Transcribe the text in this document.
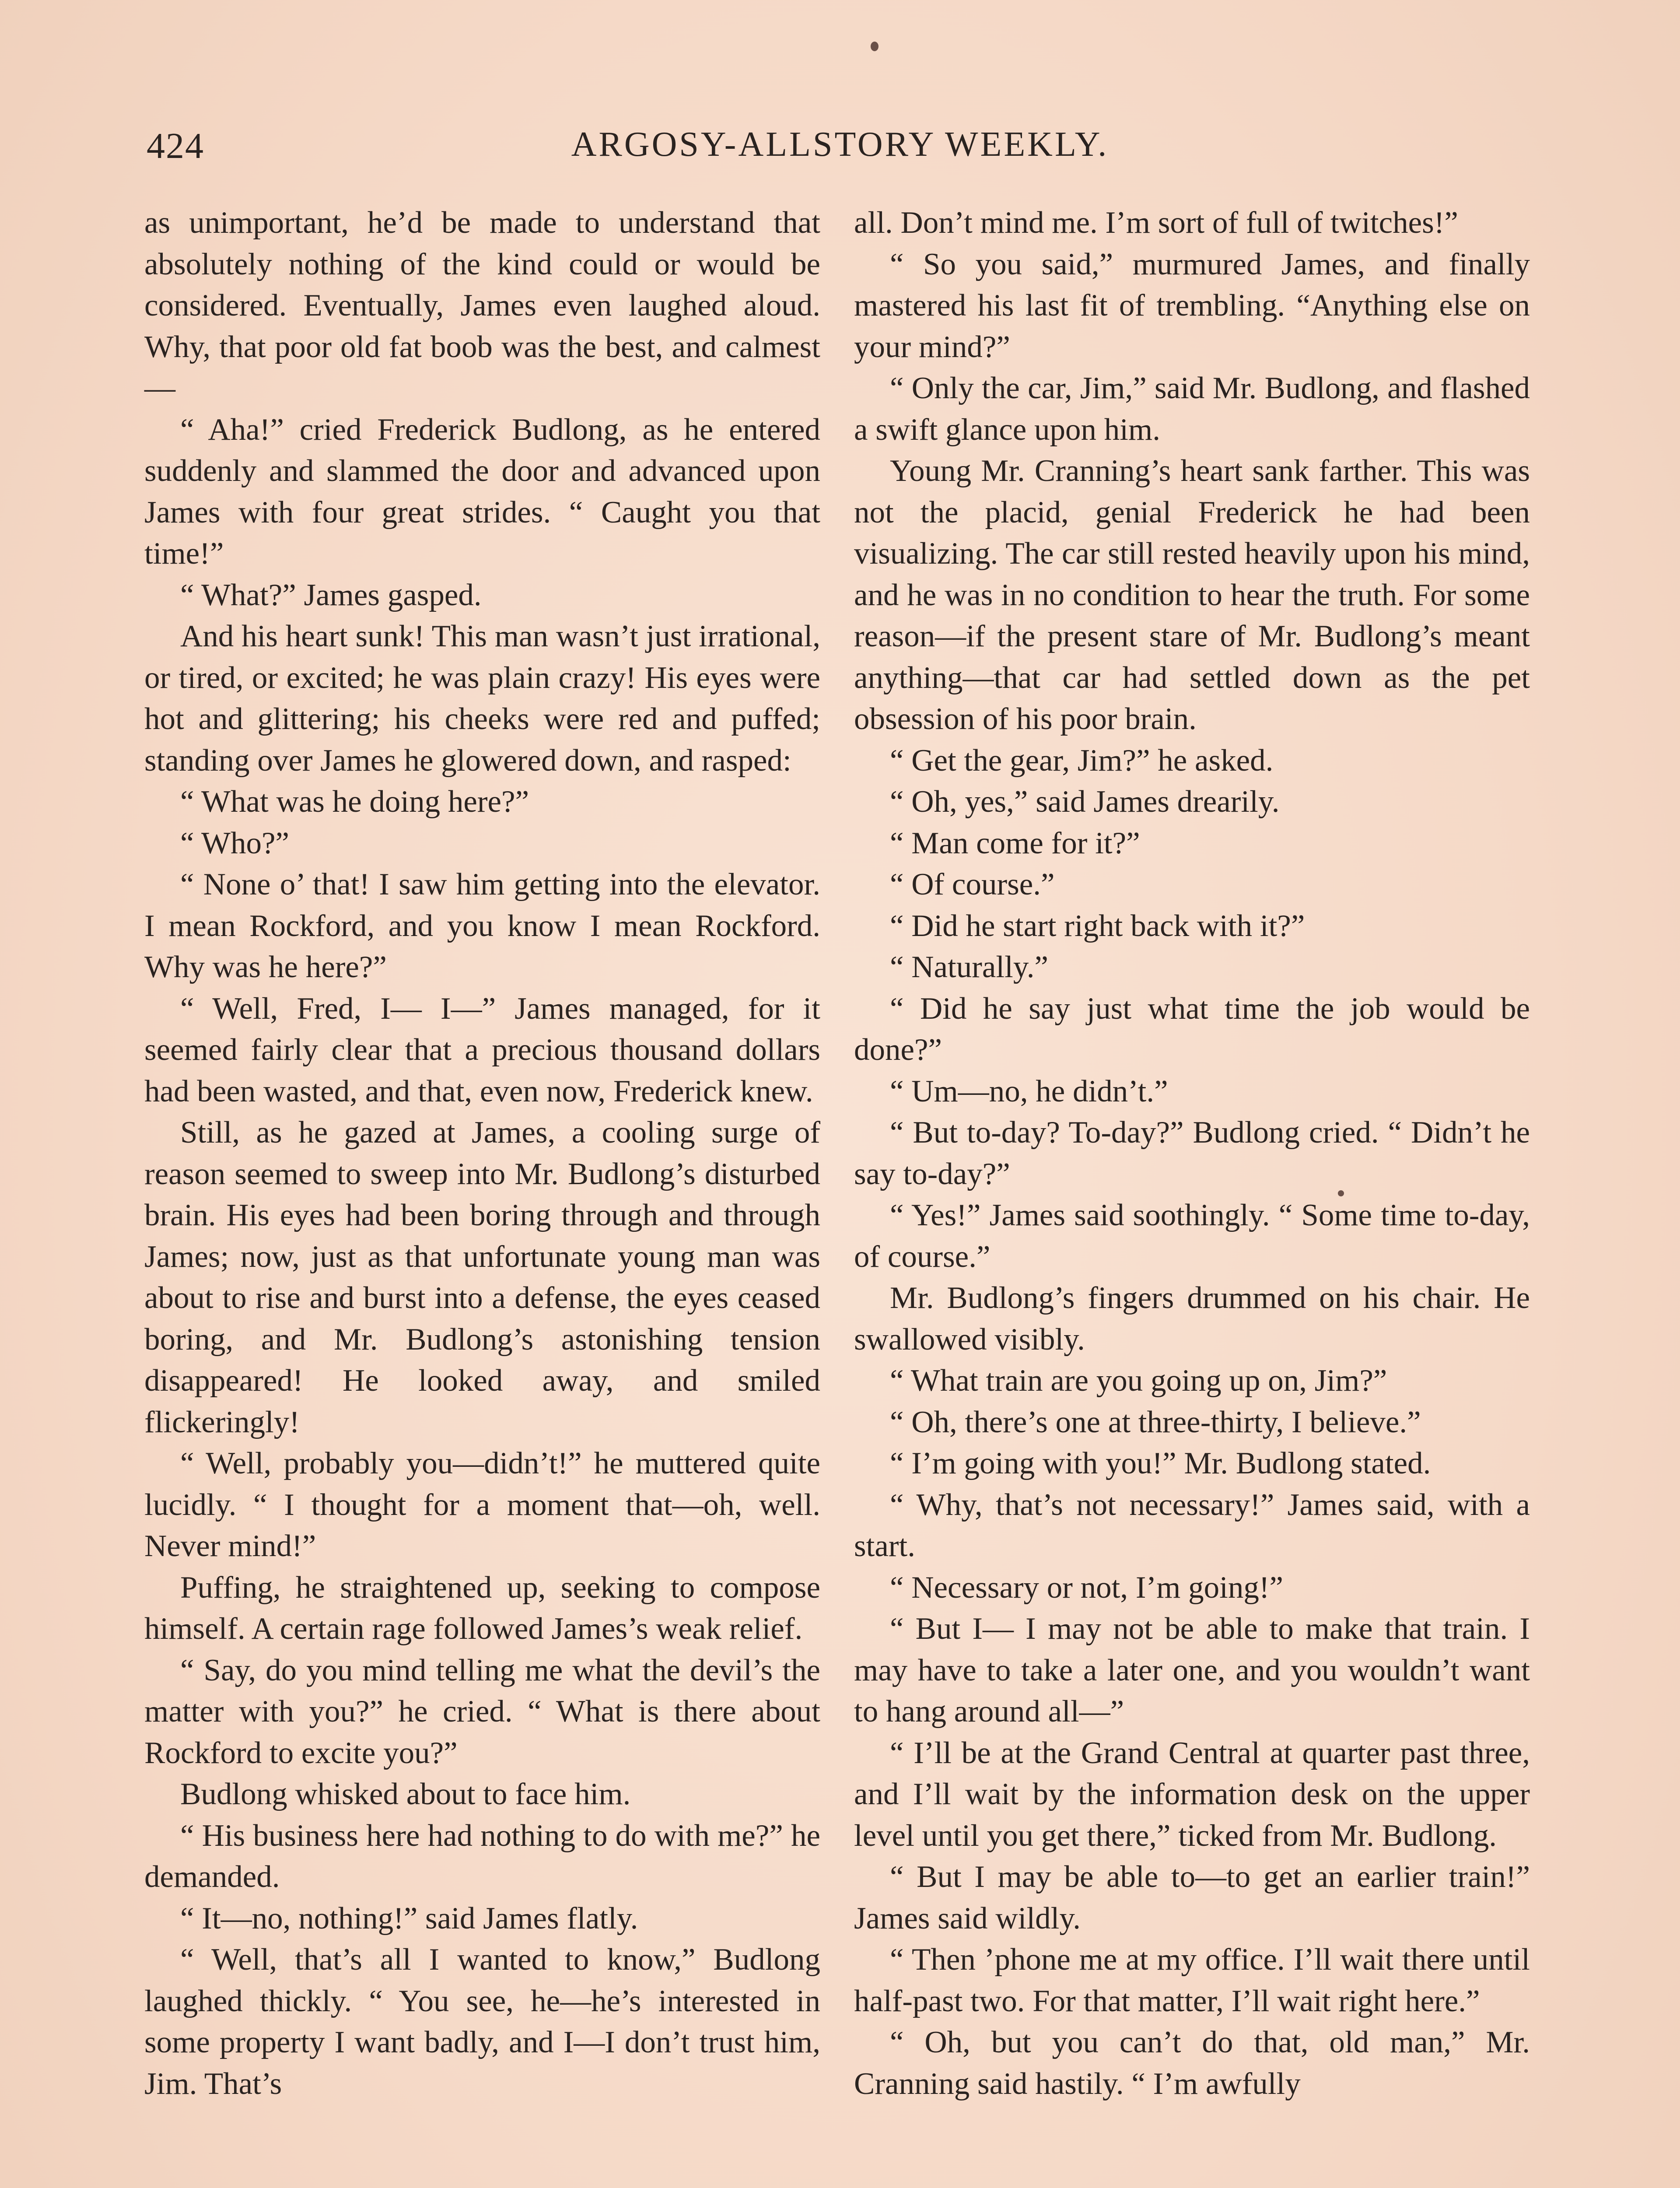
424	ARGOSY-ALLSTORY WEEKLY.

as unimportant, he’d be made to understand that absolutely nothing of the kind could or would be considered. Eventually, James even laughed aloud. Why, that poor old fat boob was the best, and calmest—

“ Aha!” cried Frederick Budlong, as he entered suddenly and slammed the door and advanced upon James with four great strides. “ Caught you that time!”

“ What?” James gasped.

And his heart sunk! This man wasn’t just irrational, or tired, or excited; he was plain crazy! His eyes were hot and glittering; his cheeks were red and puffed; standing over James he glowered down, and rasped:

“ What was he doing here?”

“ Who?”

“ None o’ that! I saw him getting into the elevator. I mean Rockford, and you know I mean Rockford. Why was he here?”

“ Well, Fred, I— I—” James managed, for it seemed fairly clear that a precious thousand dollars had been wasted, and that, even now, Frederick knew.

Still, as he gazed at James, a cooling surge of reason seemed to sweep into Mr. Budlong’s disturbed brain. His eyes had been boring through and through James; now, just as that unfortunate young man was about to rise and burst into a defense, the eyes ceased boring, and Mr. Budlong’s astonishing tension disappeared! He looked away, and smiled flickeringly!

“ Well, probably you—didn’t!” he muttered quite lucidly. “ I thought for a moment that—oh, well. Never mind!”

Puffing, he straightened up, seeking to compose himself. A certain rage followed James’s weak relief.

“ Say, do you mind telling me what the devil’s the matter with you?” he cried. “ What is there about Rockford to excite you?”

Budlong whisked about to face him.

“ His business here had nothing to do with me?” he demanded.

“ It—no, nothing!” said James flatly.

“ Well, that’s all I wanted to know,” Budlong laughed thickly. “ You see, he—he’s interested in some property I want badly, and I—I don’t trust him, Jim. That’s

all. Don’t mind me. I’m sort of full of twitches!”

“ So you said,” murmured James, and finally mastered his last fit of trembling. “Anything else on your mind?”

“ Only the car, Jim,” said Mr. Budlong, and flashed a swift glance upon him.

Young Mr. Cranning’s heart sank farther. This was not the placid, genial Frederick he had been visualizing. The car still rested heavily upon his mind, and he was in no condition to hear the truth. For some reason—if the present stare of Mr. Budlong’s meant anything—that car had settled down as the pet obsession of his poor brain.

“ Get the gear, Jim?” he asked.

“ Oh, yes,” said James drearily.

“ Man come for it?”

“ Of course.”

“ Did he start right back with it?”

“ Naturally.”

“ Did he say just what time the job would be done?”

“ Um—no, he didn’t.”

“ But to-day? To-day?” Budlong cried. “ Didn’t he say to-day?”

“ Yes!” James said soothingly. “ Some time to-day, of course.”

Mr. Budlong’s fingers drummed on his chair. He swallowed visibly.

“ What train are you going up on, Jim?”

“ Oh, there’s one at three-thirty, I believe.”

“ I’m going with you!” Mr. Budlong stated.

“ Why, that’s not necessary!” James said, with a start.

“ Necessary or not, I’m going!”

“ But I— I may not be able to make that train. I may have to take a later one, and you wouldn’t want to hang around all—”

“ I’ll be at the Grand Central at quarter past three, and I’ll wait by the information desk on the upper level until you get there,” ticked from Mr. Budlong.

“ But I may be able to—to get an earlier train!” James said wildly.

“ Then ’phone me at my office. I’ll wait there until half-past two. For that matter, I’ll wait right here.”

“ Oh, but you can’t do that, old man,” Mr. Cranning said hastily. “ I’m awfully
